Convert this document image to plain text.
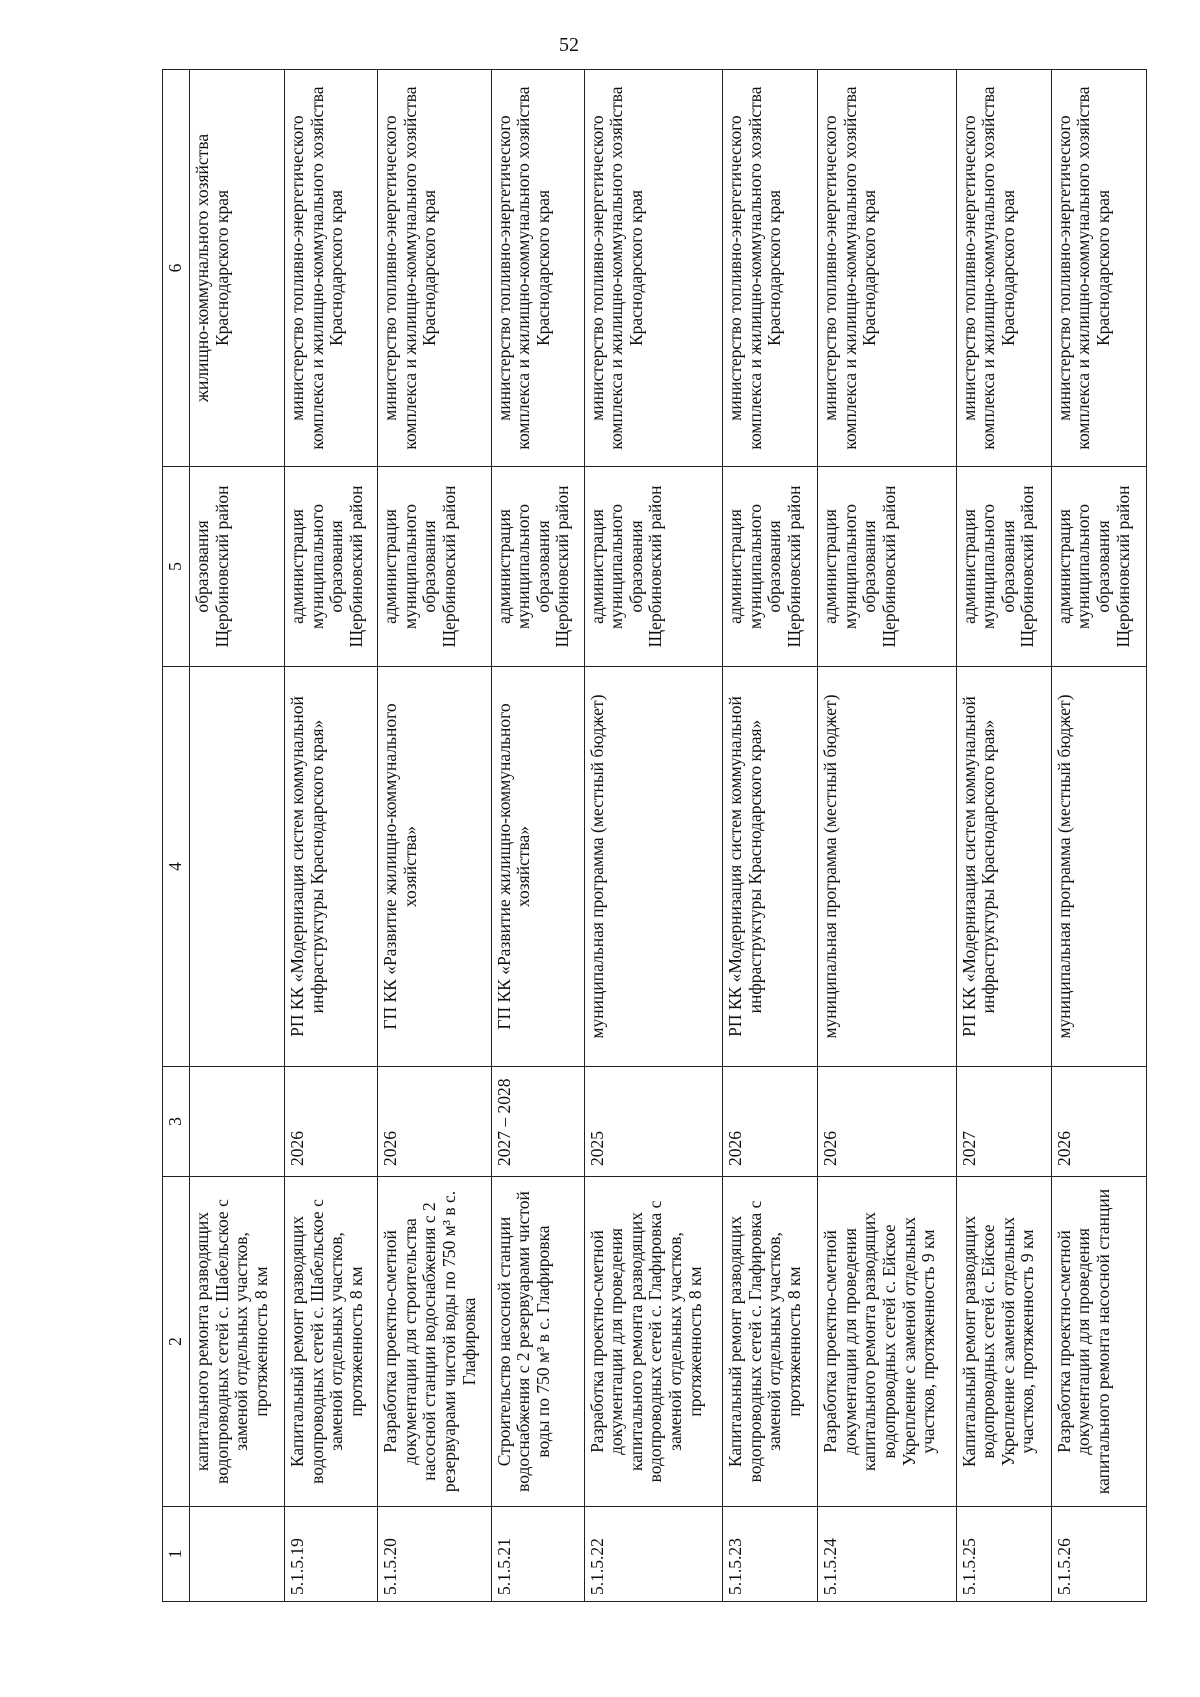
52
1	2	3	4	5	6
	капитального ремонта разводящих водопроводных сетей с. Шабельское с заменой отдельных участков, протяженность 8 км			образования Щербиновский район	жилищно-коммунального хозяйства Краснодарского края
5.1.5.19	Капитальный ремонт разводящих водопроводных сетей с. Шабельское с заменой отдельных участков, протяженность 8 км	2026	РП КК «Модернизация систем коммунальной инфраструктуры Краснодарского края»	администрация муниципального образования Щербиновский район	министерство топливно-энергетического комплекса и жилищно-коммунального хозяйства Краснодарского края
5.1.5.20	Разработка проектно-сметной документации для строительства насосной станции водоснабжения с 2 резервуарами чистой воды по 750 м³ в с. Глафировка	2026	ГП КК «Развитие жилищно-коммунального хозяйства»	администрация муниципального образования Щербиновский район	министерство топливно-энергетического комплекса и жилищно-коммунального хозяйства Краснодарского края
5.1.5.21	Строительство насосной станции водоснабжения с 2 резервуарами чистой воды по 750 м³ в с. Глафировка	2027 – 2028	ГП КК «Развитие жилищно-коммунального хозяйства»	администрация муниципального образования Щербиновский район	министерство топливно-энергетического комплекса и жилищно-коммунального хозяйства Краснодарского края
5.1.5.22	Разработка проектно-сметной документации для проведения капитального ремонта разводящих водопроводных сетей с. Глафировка с заменой отдельных участков, протяженность 8 км	2025	муниципальная программа (местный бюджет)	администрация муниципального образования Щербиновский район	министерство топливно-энергетического комплекса и жилищно-коммунального хозяйства Краснодарского края
5.1.5.23	Капитальный ремонт разводящих водопроводных сетей с. Глафировка с заменой отдельных участков, протяженность 8 км	2026	РП КК «Модернизация систем коммунальной инфраструктуры Краснодарского края»	администрация муниципального образования Щербиновский район	министерство топливно-энергетического комплекса и жилищно-коммунального хозяйства Краснодарского края
5.1.5.24	Разработка проектно-сметной документации для проведения капитального ремонта разводящих водопроводных сетей с. Ейское Укрепление с заменой отдельных участков, протяженность 9 км	2026	муниципальная программа (местный бюджет)	администрация муниципального образования Щербиновский район	министерство топливно-энергетического комплекса и жилищно-коммунального хозяйства Краснодарского края
5.1.5.25	Капитальный ремонт разводящих водопроводных сетей с. Ейское Укрепление с заменой отдельных участков, протяженность 9 км	2027	РП КК «Модернизация систем коммунальной инфраструктуры Краснодарского края»	администрация муниципального образования Щербиновский район	министерство топливно-энергетического комплекса и жилищно-коммунального хозяйства Краснодарского края
5.1.5.26	Разработка проектно-сметной документации для проведения капитального ремонта насосной станции	2026	муниципальная программа (местный бюджет)	администрация муниципального образования Щербиновский район	министерство топливно-энергетического комплекса и жилищно-коммунального хозяйства Краснодарского края
